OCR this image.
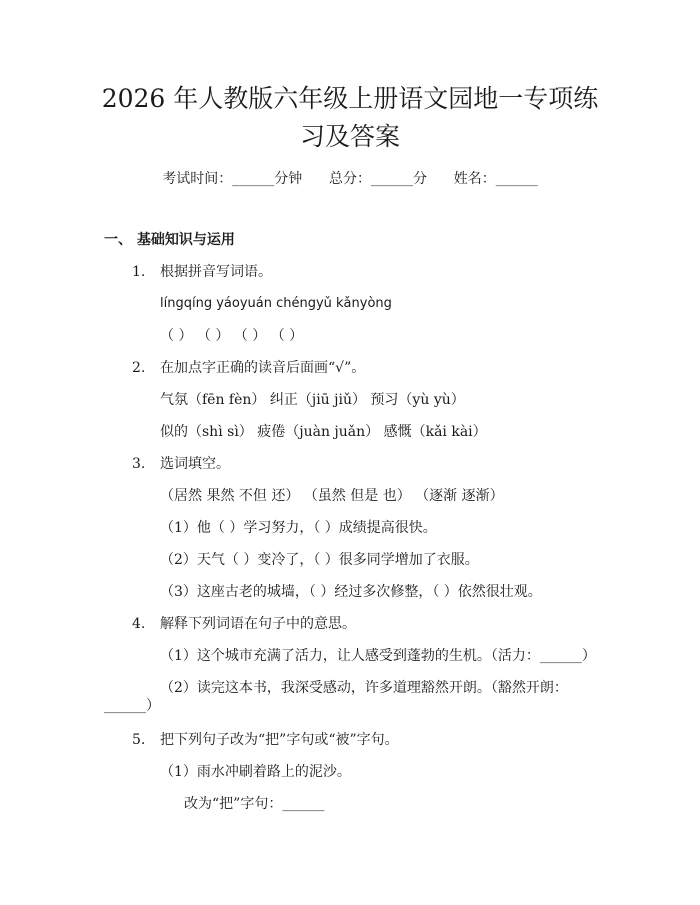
2026 年人教版六年级上册语文园地一专项练
习及答案
考试时间：______分钟      总分：______分      姓名：______
一、 基础知识与运用
1. 根据拼音写词语。
língqíng yáoyuán chéngyǔ kǎnyòng
（ ） （ ） （ ） （ ）
2. 在加点字正确的读音后面画“√”。
气氛（fēn fèn） 纠正（jiū jiǔ） 预习（yù yù）
似的（shì sì） 疲倦（juàn juǎn） 感慨（kǎi kài）
3. 选词填空。
（居然 果然 不但 还） （虽然 但是 也） （逐渐 逐渐）
（1）他（ ）学习努力，（ ）成绩提高很快。
（2）天气（ ）变冷了，（ ）很多同学增加了衣服。
（3）这座古老的城墙，（ ）经过多次修整，（ ）依然很壮观。
4. 解释下列词语在句子中的意思。
（1）这个城市充满了活力，让人感受到蓬勃的生机。（活力：______）
（2）读完这本书，我深受感动，许多道理豁然开朗。（豁然开朗：
______）
5. 把下列句子改为“把”字句或“被”字句。
（1）雨水冲刷着路上的泥沙。
改为“把”字句：______
